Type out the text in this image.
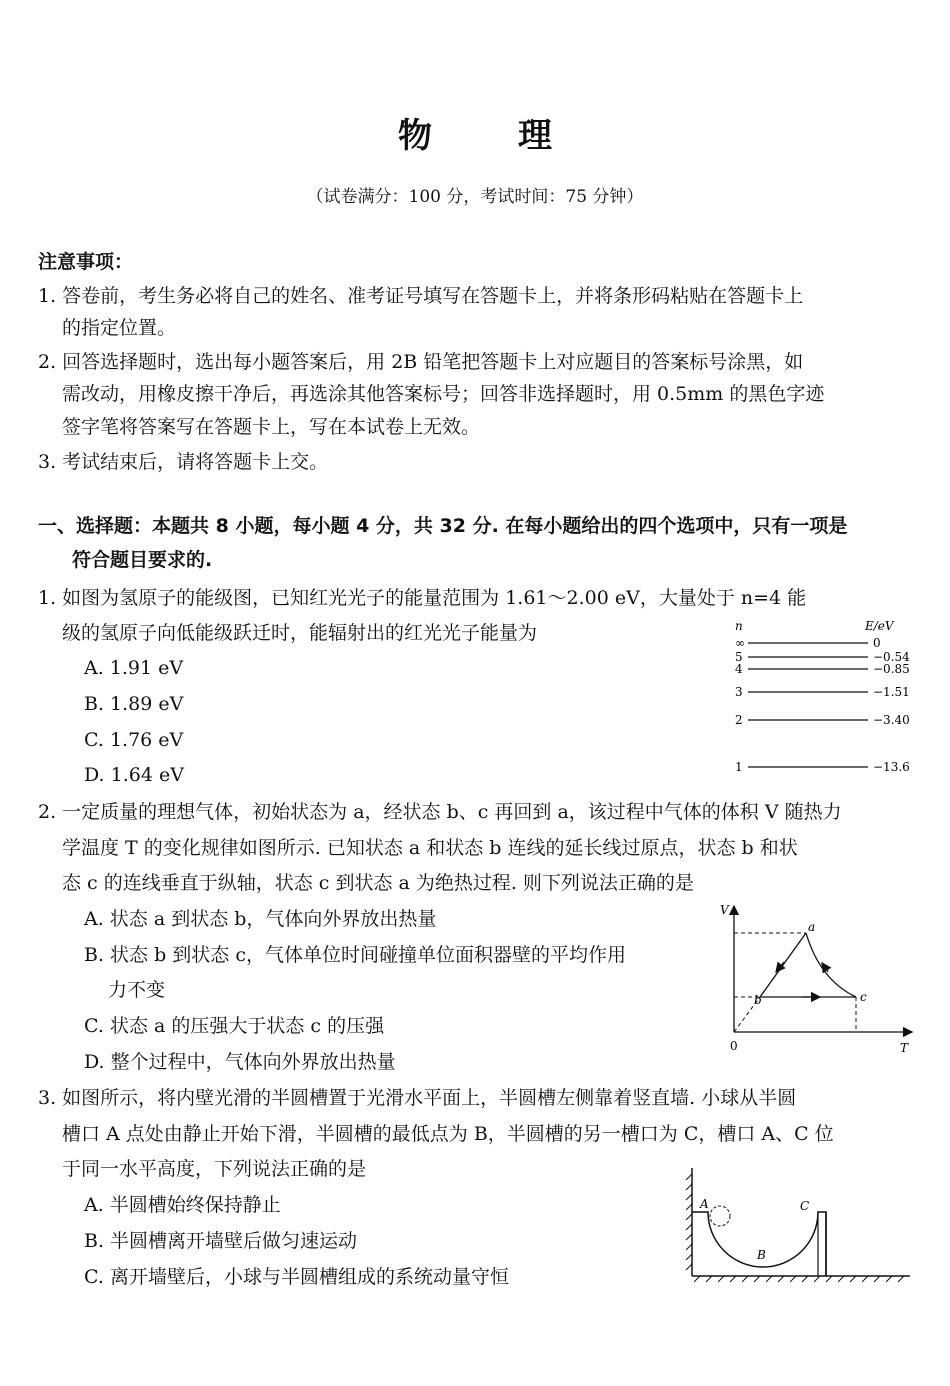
物	理
（试卷满分：100 分，考试时间：75 分钟）
注意事项：
1. 答卷前，考生务必将自己的姓名、准考证号填写在答题卡上，并将条形码粘贴在答题卡上
的指定位置。
2. 回答选择题时，选出每小题答案后，用 2B 铅笔把答题卡上对应题目的答案标号涂黑，如
需改动，用橡皮擦干净后，再选涂其他答案标号；回答非选择题时，用 0.5mm 的黑色字迹
签字笔将答案写在答题卡上，写在本试卷上无效。
3. 考试结束后，请将答题卡上交。
一、选择题：本题共 8 小题，每小题 4 分，共 32 分. 在每小题给出的四个选项中，只有一项是
符合题目要求的.
1. 如图为氢原子的能级图，已知红光光子的能量范围为 1.61～2.00 eV，大量处于 n=4 能
级的氢原子向低能级跃迁时，能辐射出的红光光子能量为
A. 1.91 eV
B. 1.89 eV
C. 1.76 eV
D. 1.64 eV
n	E/eV
∞
5
4
3
2
1
0
−0.54
−0.85
−1.51
−3.40
−13.6
2. 一定质量的理想气体，初始状态为 a，经状态 b、c 再回到 a，该过程中气体的体积 V 随热力
学温度 T 的变化规律如图所示. 已知状态 a 和状态 b 连线的延长线过原点，状态 b 和状
态 c 的连线垂直于纵轴，状态 c 到状态 a 为绝热过程. 则下列说法正确的是
A. 状态 a 到状态 b，气体向外界放出热量
B. 状态 b 到状态 c，气体单位时间碰撞单位面积器壁的平均作用
力不变
C. 状态 a 的压强大于状态 c 的压强
D. 整个过程中，气体向外界放出热量
V
T
0
a
b	c
3. 如图所示，将内壁光滑的半圆槽置于光滑水平面上，半圆槽左侧靠着竖直墙. 小球从半圆
槽口 A 点处由静止开始下滑，半圆槽的最低点为 B，半圆槽的另一槽口为 C，槽口 A、C 位
于同一水平高度，下列说法正确的是
A. 半圆槽始终保持静止
B. 半圆槽离开墙壁后做匀速运动
C. 离开墙壁后，小球与半圆槽组成的系统动量守恒
A
B
C
